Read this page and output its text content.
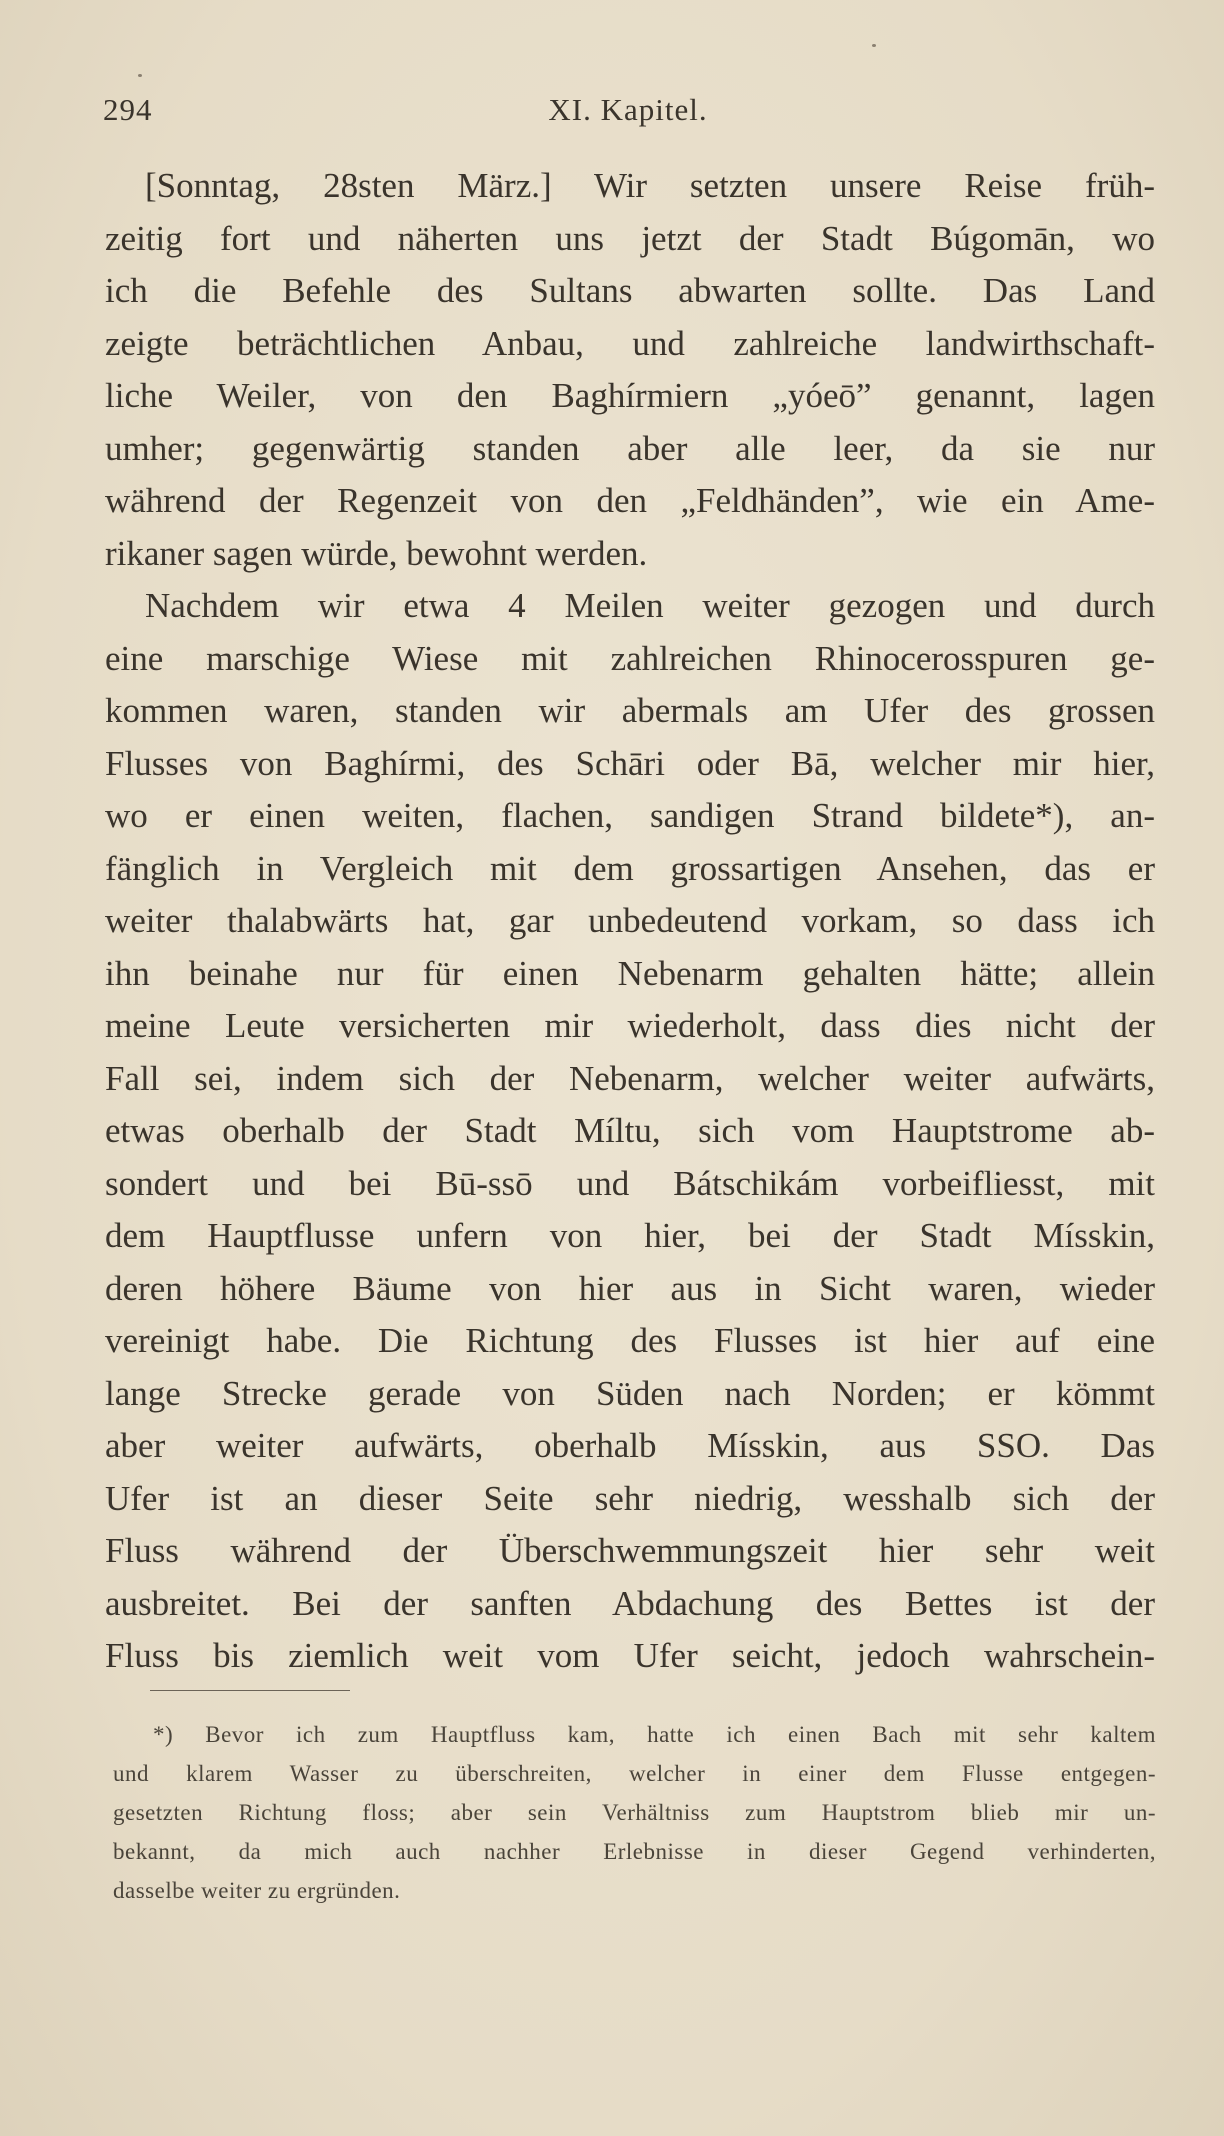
294	XI. Kapitel.
[Sonntag, 28sten März.] Wir setzten unsere Reise früh-
zeitig fort und näherten uns jetzt der Stadt Búgomān, wo
ich die Befehle des Sultans abwarten sollte. Das Land
zeigte beträchtlichen Anbau, und zahlreiche landwirthschaft-
liche Weiler, von den Baghírmiern „yóeō” genannt, lagen
umher; gegenwärtig standen aber alle leer, da sie nur
während der Regenzeit von den „Feldhänden”, wie ein Ame-
rikaner sagen würde, bewohnt werden.
Nachdem wir etwa 4 Meilen weiter gezogen und durch
eine marschige Wiese mit zahlreichen Rhinocerosspuren ge-
kommen waren, standen wir abermals am Ufer des grossen
Flusses von Baghírmi, des Schāri oder Bā, welcher mir hier,
wo er einen weiten, flachen, sandigen Strand bildete*), an-
fänglich in Vergleich mit dem grossartigen Ansehen, das er
weiter thalabwärts hat, gar unbedeutend vorkam, so dass ich
ihn beinahe nur für einen Nebenarm gehalten hätte; allein
meine Leute versicherten mir wiederholt, dass dies nicht der
Fall sei, indem sich der Nebenarm, welcher weiter aufwärts,
etwas oberhalb der Stadt Míltu, sich vom Hauptstrome ab-
sondert und bei Bū-ssō und Bátschikám vorbeifliesst, mit
dem Hauptflusse unfern von hier, bei der Stadt Mísskin,
deren höhere Bäume von hier aus in Sicht waren, wieder
vereinigt habe. Die Richtung des Flusses ist hier auf eine
lange Strecke gerade von Süden nach Norden; er kömmt
aber weiter aufwärts, oberhalb Mísskin, aus SSO. Das
Ufer ist an dieser Seite sehr niedrig, wesshalb sich der
Fluss während der Überschwemmungszeit hier sehr weit
ausbreitet. Bei der sanften Abdachung des Bettes ist der
Fluss bis ziemlich weit vom Ufer seicht, jedoch wahrschein-
*) Bevor ich zum Hauptfluss kam, hatte ich einen Bach mit sehr kaltem
und klarem Wasser zu überschreiten, welcher in einer dem Flusse entgegen-
gesetzten Richtung floss; aber sein Verhältniss zum Hauptstrom blieb mir un-
bekannt, da mich auch nachher Erlebnisse in dieser Gegend verhinderten,
dasselbe weiter zu ergründen.
